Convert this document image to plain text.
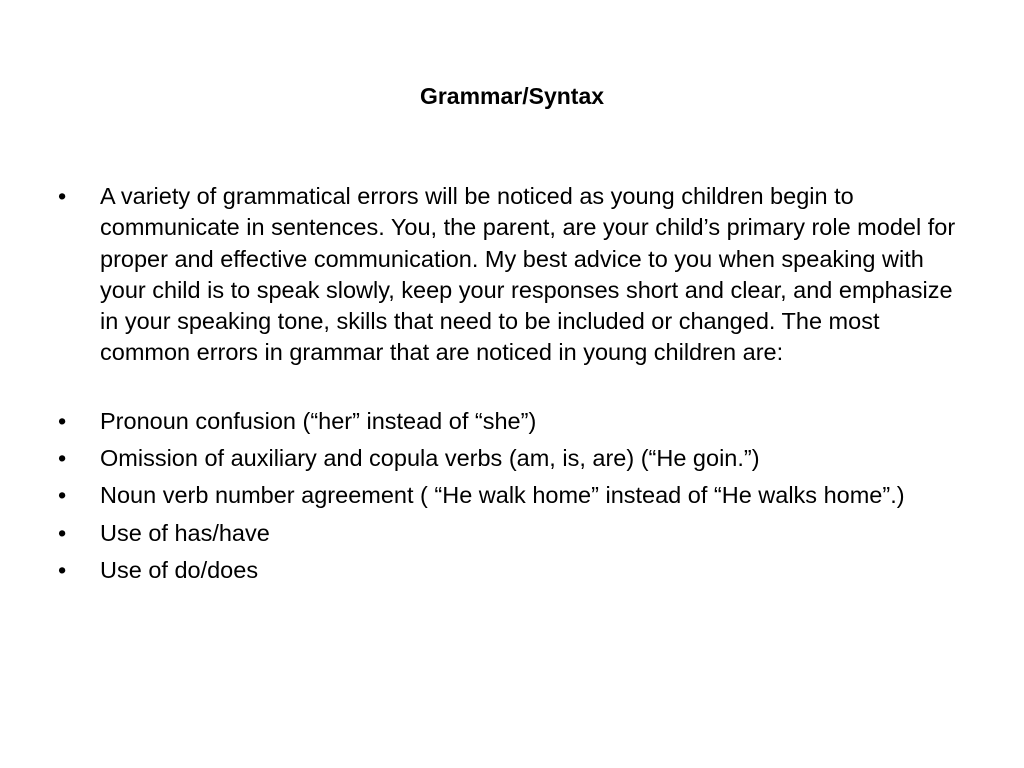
Grammar/Syntax
•	A variety of grammatical errors will be noticed as young children begin to communicate in sentences. You, the parent, are your child’s primary role model for proper and effective communication. My best advice to you when speaking with your child is to speak slowly, keep your responses short and clear, and emphasize in your speaking tone, skills that need to be included or changed. The most common errors in grammar that are noticed in young children are:
•	Pronoun confusion (“her” instead of “she”)
•	Omission of auxiliary and copula verbs (am, is, are) (“He goin.”)
•	Noun verb number agreement ( “He walk home” instead of “He walks home”.)
•	Use of has/have
•	Use of do/does
